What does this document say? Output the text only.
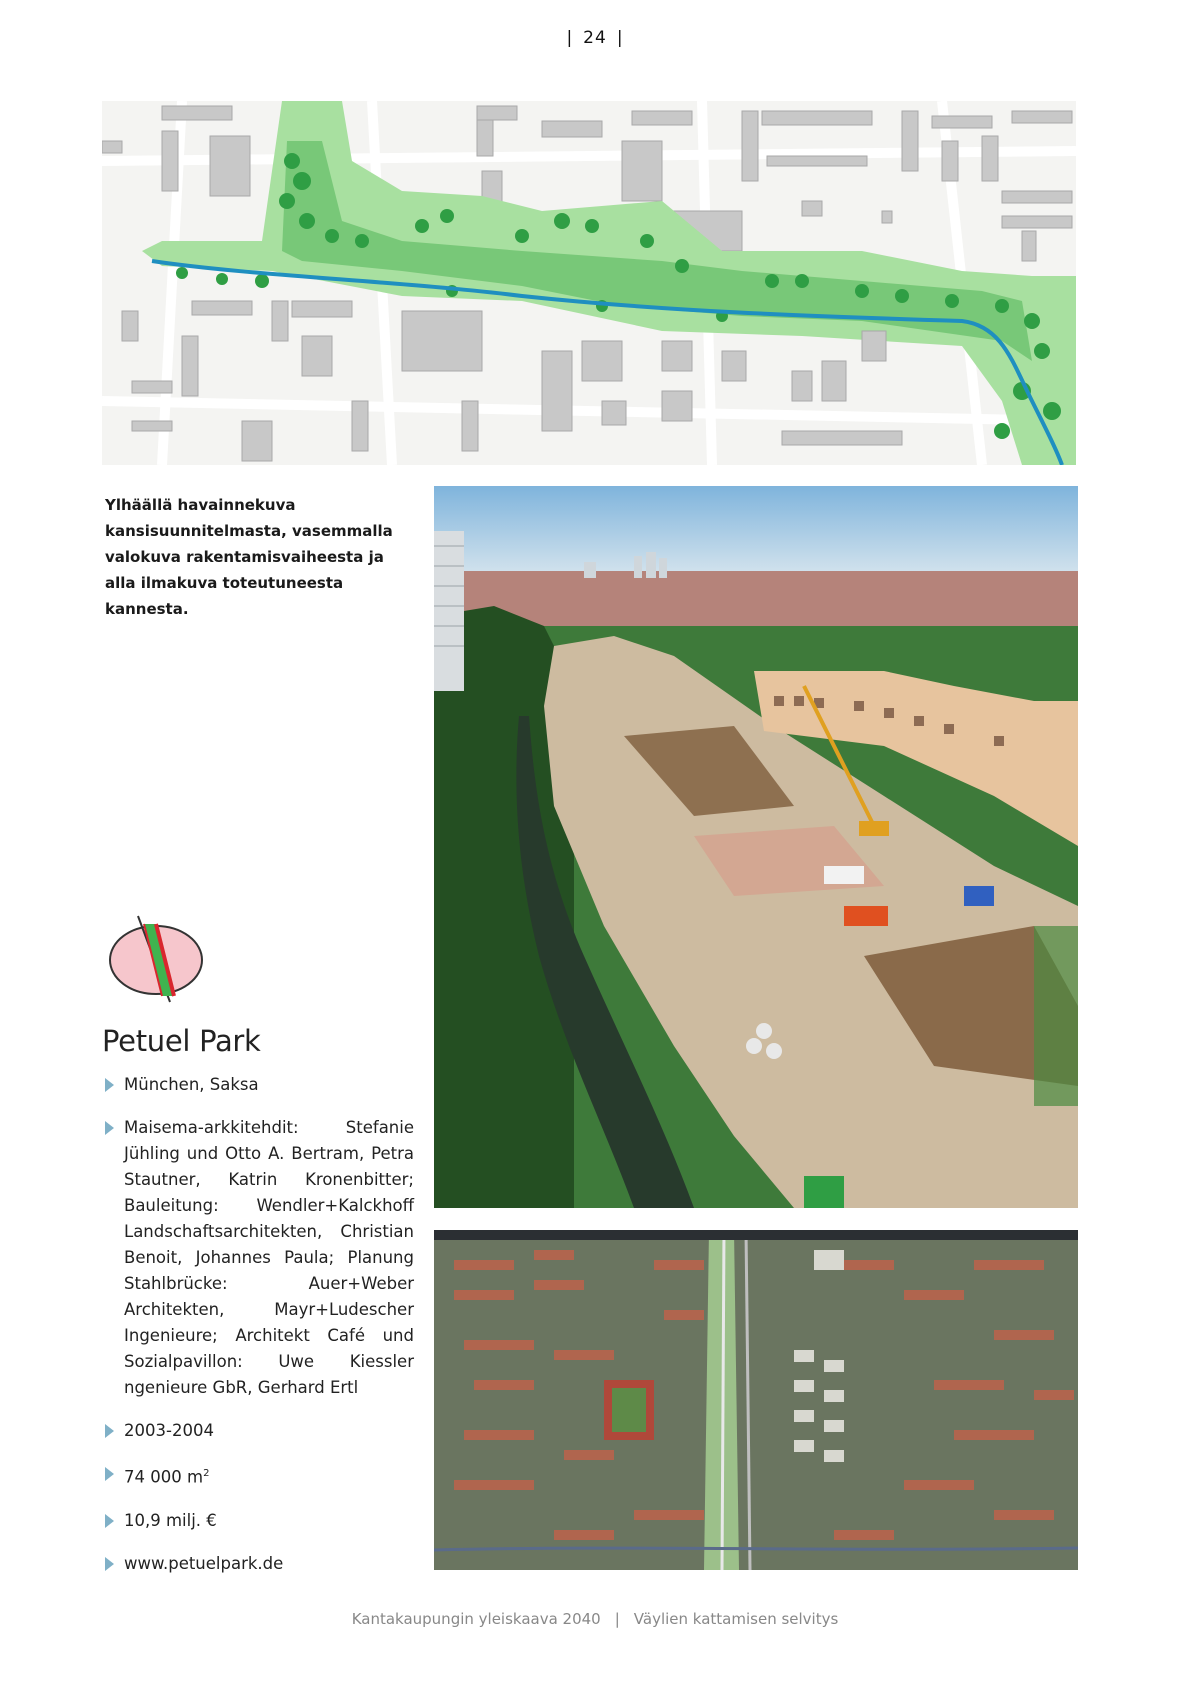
| 24 |
Ylhäällä havainnekuva kansisuunnitelmasta, vasemmalla valokuva rakentamisvaiheesta ja alla ilmakuva toteutuneesta kannesta.
Petuel Park
München, Saksa
Maisema-arkkitehdit: Stefanie Jühling und Otto A. Bertram, Petra Stautner, Katrin Kronenbitter; Bauleitung: Wendler+Kalckhoff Landschaftsarchitekten, Christian Benoit, Johannes Paula; Planung Stahlbrücke: Auer+Weber Architekten, Mayr+Ludescher Ingenieure; Architekt Café und Sozialpavillon: Uwe Kiessler ngenieure GbR, Gerhard Ertl
2003-2004
74 000 $m^2$
10,9 milj. €
www.petuelpark.de
Kantakaupungin yleiskaava 2040 | Väylien kattamisen selvitys
